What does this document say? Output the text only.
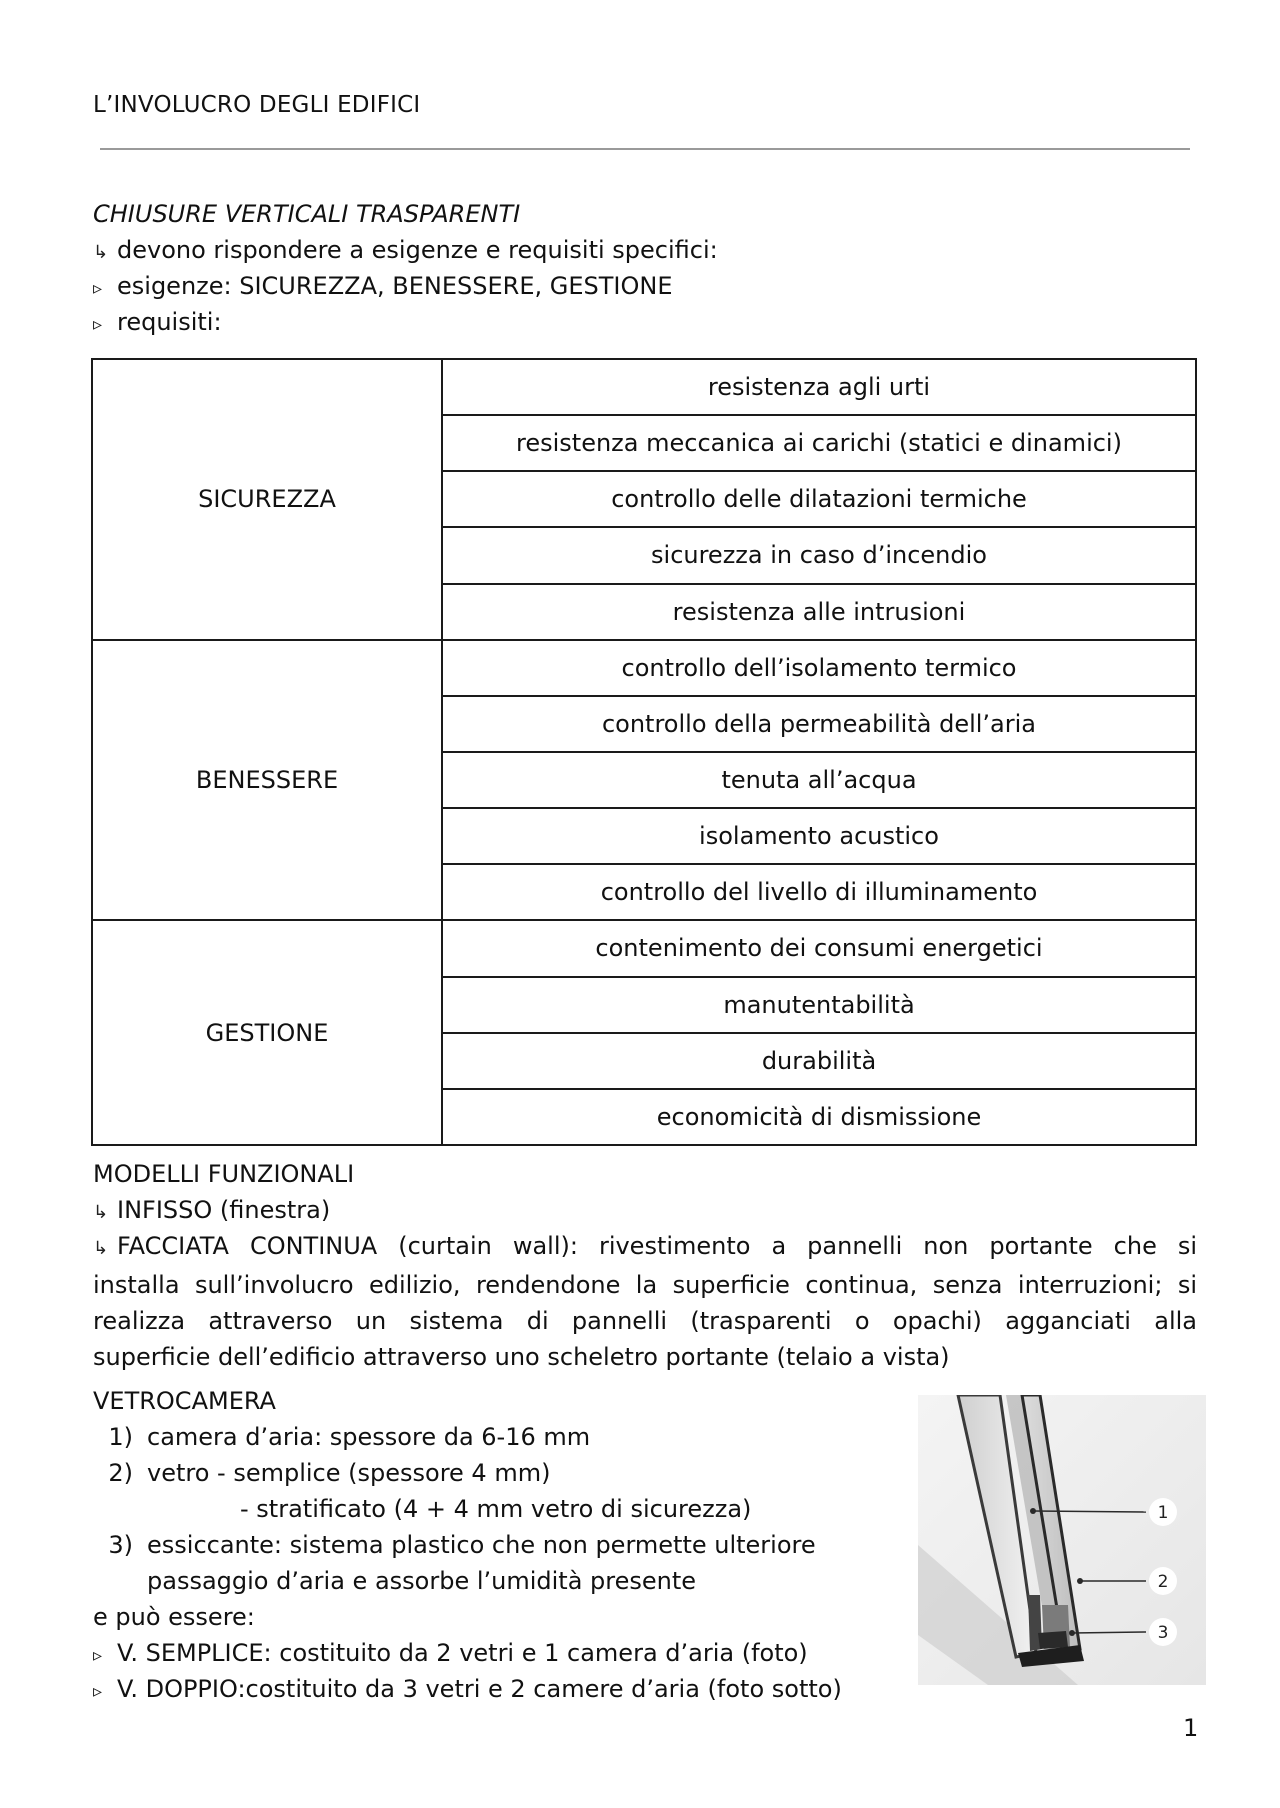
L’INVOLUCRO DEGLI EDIFICI
CHIUSURE VERTICALI TRASPARENTI
↳ devono rispondere a esigenze e requisiti specifici:
▹ esigenze: SICUREZZA, BENESSERE, GESTIONE
▹ requisiti:
SICUREZZA	resistenza agli urti
	resistenza meccanica ai carichi (statici e dinamici)
	controllo delle dilatazioni termiche
	sicurezza in caso d’incendio
	resistenza alle intrusioni
BENESSERE	controllo dell’isolamento termico
	controllo della permeabilità dell’aria
	tenuta all’acqua
	isolamento acustico
	controllo del livello di illuminamento
GESTIONE	contenimento dei consumi energetici
	manutentabilità
	durabilità
	economicità di dismissione
MODELLI FUNZIONALI
↳ INFISSO (finestra)
↳ FACCIATA CONTINUA (curtain wall): rivestimento a pannelli non portante che si
installa sull’involucro edilizio, rendendone la superficie continua, senza interruzioni; si
realizza attraverso un sistema di pannelli (trasparenti o opachi) agganciati alla
superficie dell’edificio attraverso uno scheletro portante (telaio a vista)
VETROCAMERA
1) camera d’aria: spessore da 6-16 mm
2) vetro - semplice (spessore 4 mm)
- stratificato (4 + 4 mm vetro di sicurezza)
3) essiccante: sistema plastico che non permette ulteriore
passaggio d’aria e assorbe l’umidità presente
e può essere:
▹ V. SEMPLICE: costituito da 2 vetri e 1 camera d’aria (foto)
▹ V. DOPPIO:costituito da 3 vetri e 2 camere d’aria (foto sotto)
1
2
3
1
